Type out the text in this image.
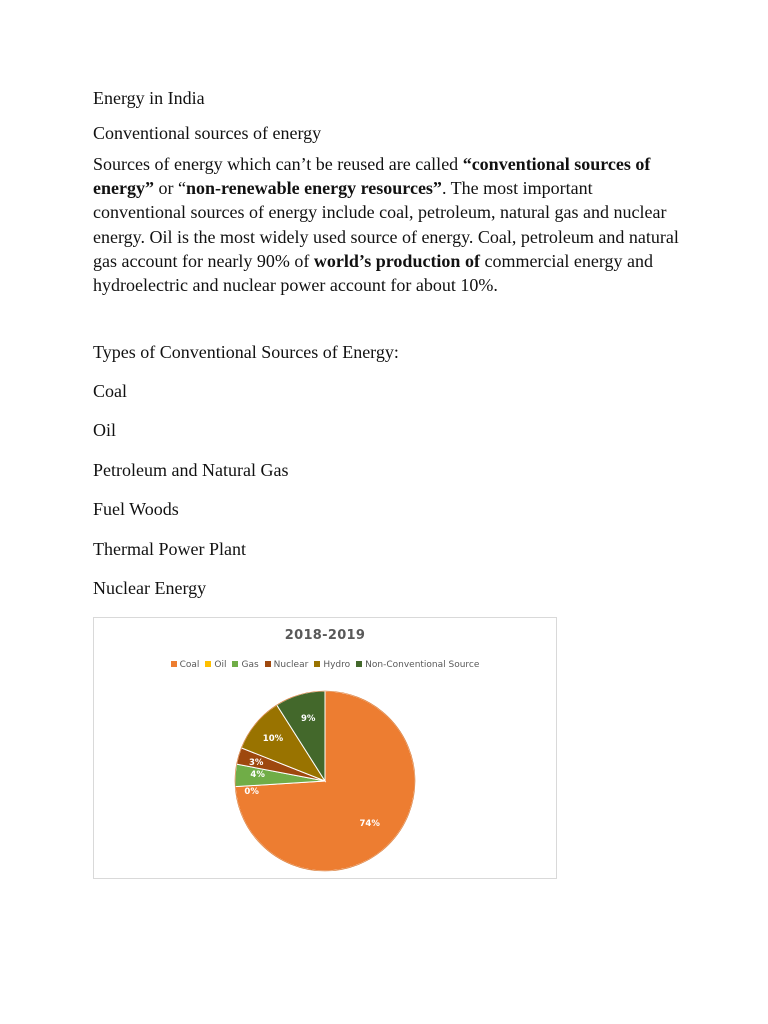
Energy in India
Conventional sources of energy
Sources of energy which can’t be reused are called “conventional sources of energy” or “non-renewable energy resources”. The most important conventional sources of energy include coal, petroleum, natural gas and nuclear energy. Oil is the most widely used source of energy. Coal, petroleum and natural gas account for nearly 90% of world’s production of commercial energy and hydroelectric and nuclear power account for about 10%.
Types of Conventional Sources of Energy:
Coal
Oil
Petroleum and Natural Gas
Fuel Woods
Thermal Power Plant
Nuclear Energy
2018-2019
Coal Oil Gas Nuclear Hydro Non-Conventional Source
74%
0%
4%
3%
10%
9%
